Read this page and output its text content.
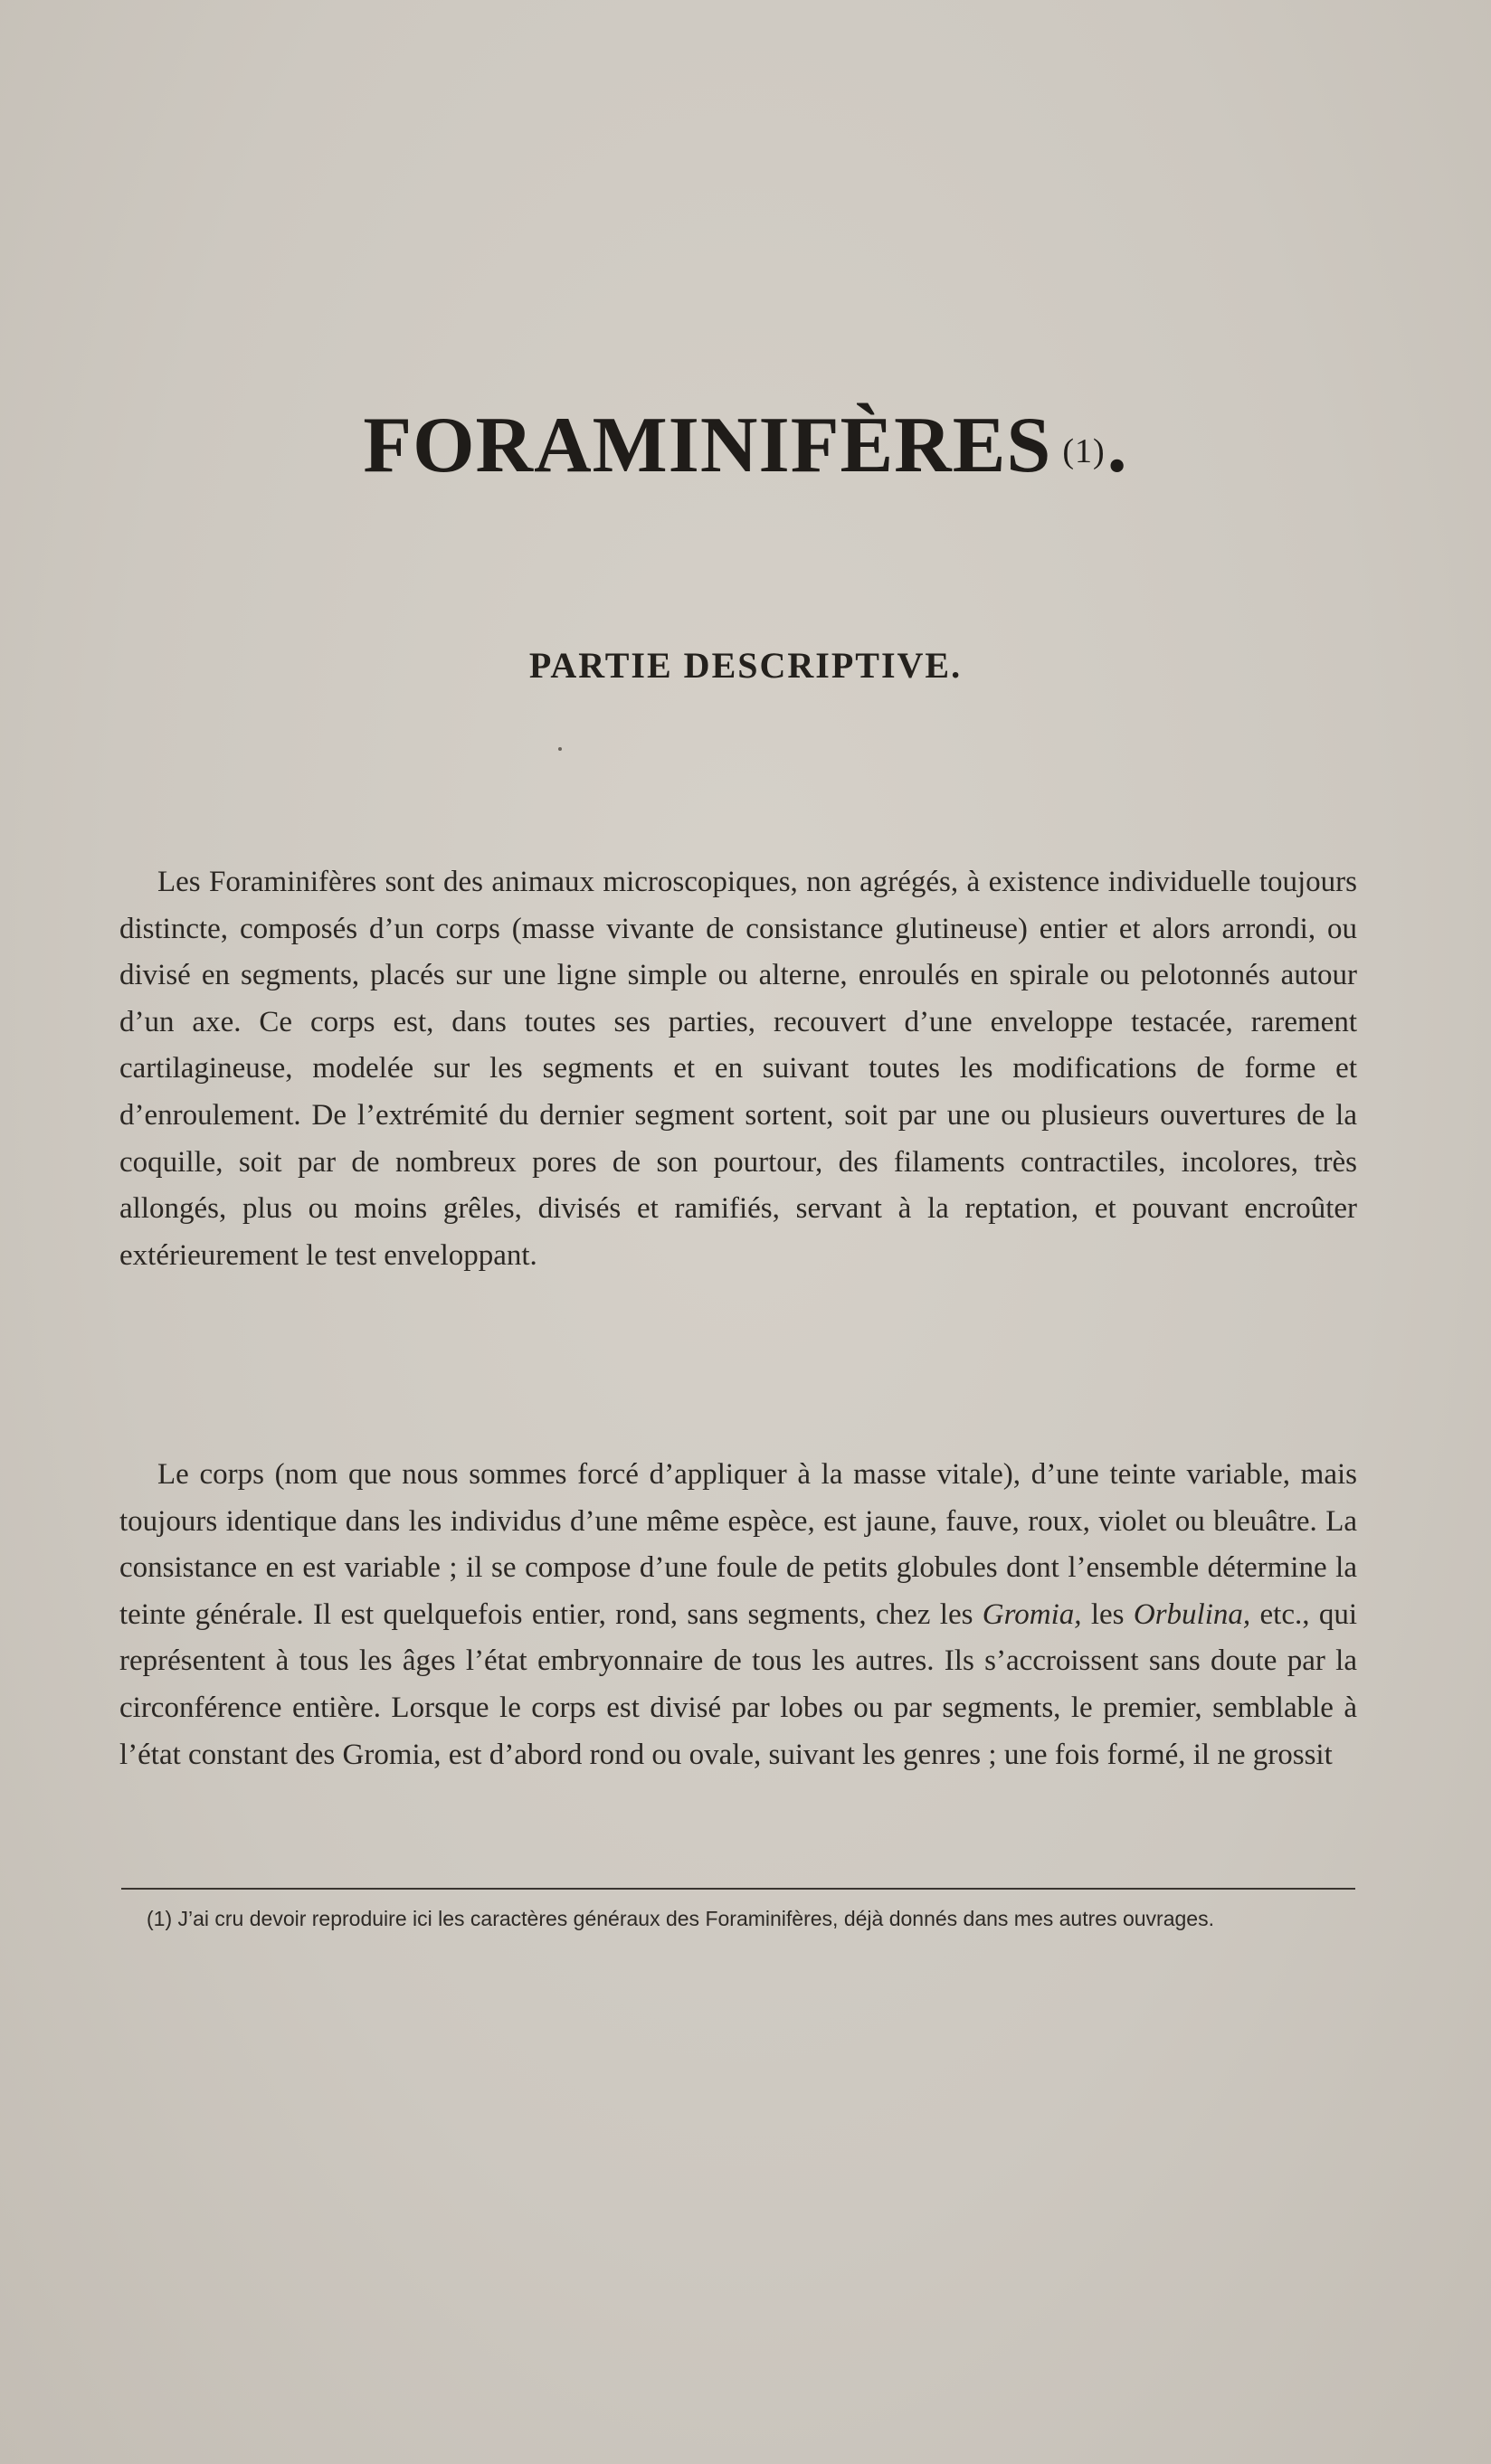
FORAMINIFÈRES $^{(1)}$.
PARTIE DESCRIPTIVE.

Les Foraminifères sont des animaux microscopiques, non agrégés, à existence individuelle toujours distincte, composés d’un corps (masse vivante de consistance glutineuse) entier et alors arrondi, ou divisé en segments, placés sur une ligne simple ou alterne, enroulés en spirale ou pelotonnés autour d’un axe. Ce corps est, dans toutes ses parties, recouvert d’une enveloppe testacée, rarement cartilagineuse, modelée sur les segments et en suivant toutes les modifications de forme et d’enroulement. De l’extrémité du dernier segment sortent, soit par une ou plusieurs ouvertures de la coquille, soit par de nombreux pores de son pourtour, des filaments contractiles, incolores, très allongés, plus ou moins grêles, divisés et ramifiés, servant à la reptation, et pouvant encroûter extérieurement le test enveloppant.

Le corps (nom que nous sommes forcé d’appliquer à la masse vitale), d’une teinte variable, mais toujours identique dans les individus d’une même espèce, est jaune, fauve, roux, violet ou bleuâtre. La consistance en est variable ; il se compose d’une foule de petits globules dont l’ensemble détermine la teinte générale. Il est quelquefois entier, rond, sans segments, chez les Gromia, les Orbulina, etc., qui représentent à tous les âges l’état embryonnaire de tous les autres. Ils s’accroissent sans doute par la circonférence entière. Lorsque le corps est divisé par lobes ou par segments, le premier, semblable à l’état constant des Gromia, est d’abord rond ou ovale, suivant les genres ; une fois formé, il ne grossit

(1) J’ai cru devoir reproduire ici les caractères généraux des Foraminifères, déjà donnés dans mes autres ouvrages.
